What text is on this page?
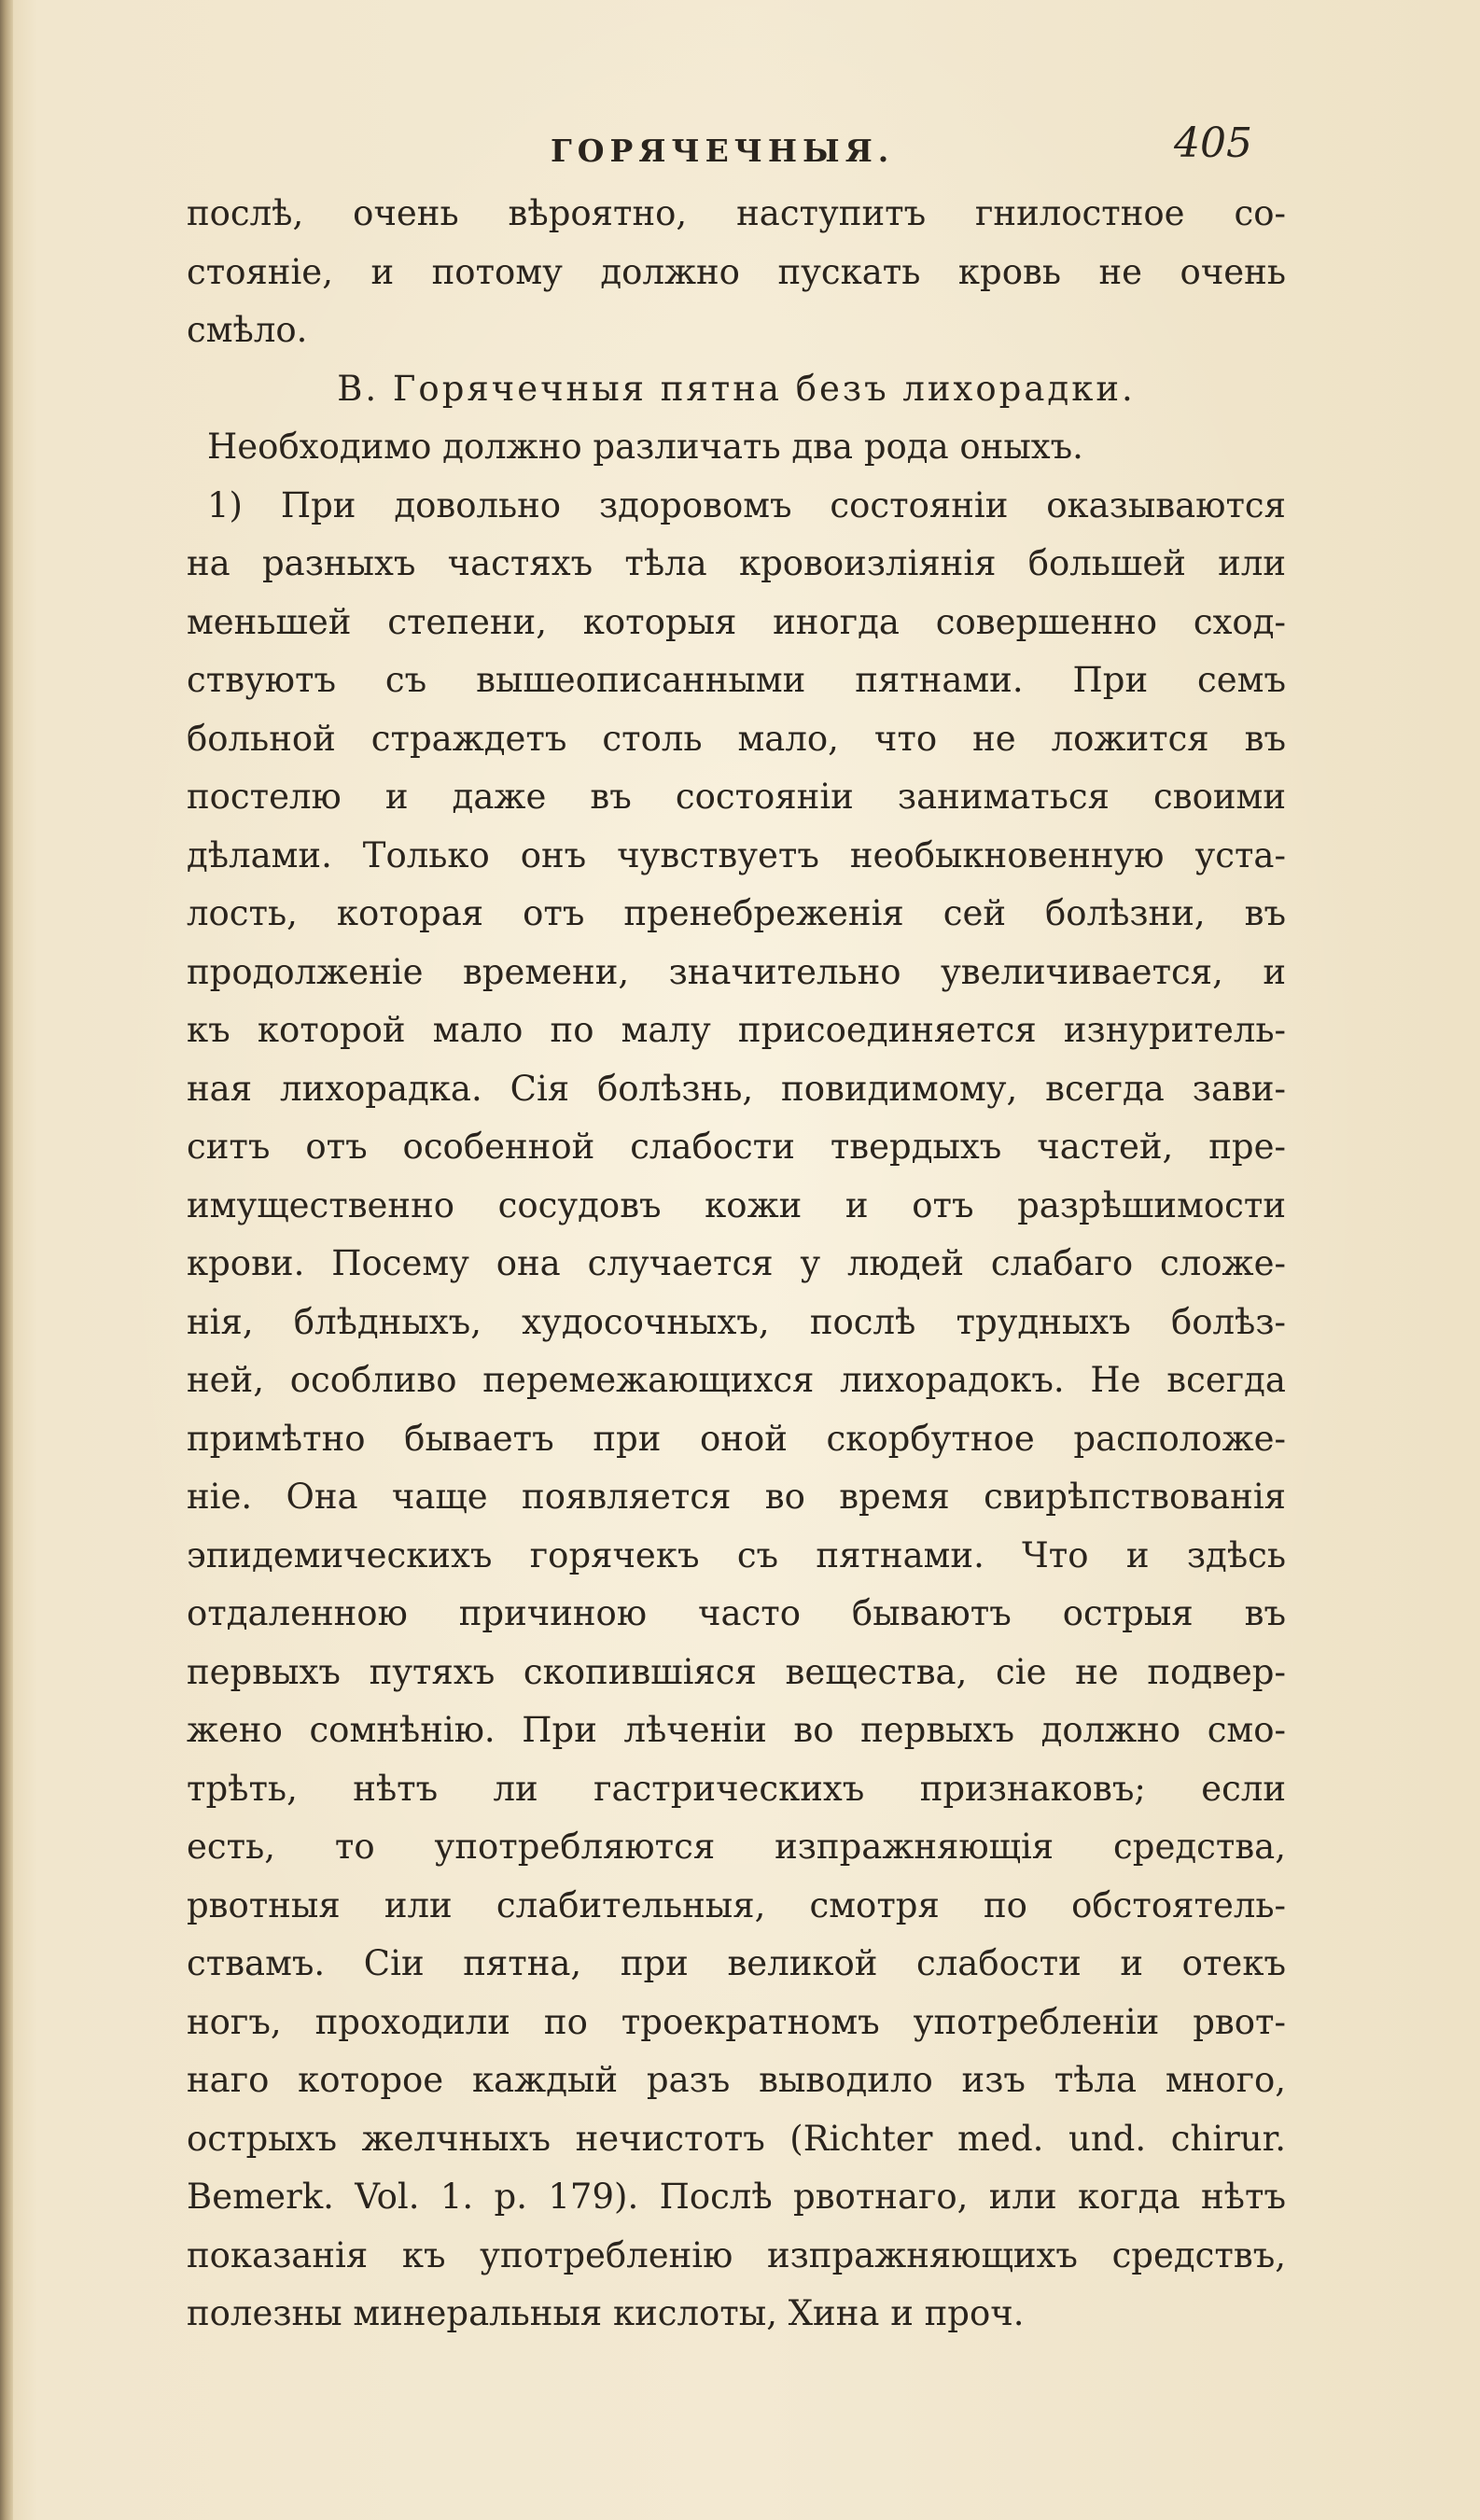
ГОРЯЧЕЧНЫЯ.	405
послѣ, очень вѣроятно, наступитъ гнилостное со-
стояніе, и потому должно пускать кровь не очень
смѣло.
B. Горячечныя пятна безъ лихорадки.
Необходимо должно различать два рода оныхъ.
1) При довольно здоровомъ состояніи оказываются
на разныхъ частяхъ тѣла кровоизліянія большей или
меньшей степени, которыя иногда совершенно сход-
ствуютъ съ вышеописанными пятнами. При семъ
больной страждетъ столь мало, что не ложится въ
постелю и даже въ состояніи заниматься своими
дѣлами. Только онъ чувствуетъ необыкновенную уста-
лость, которая отъ пренебреженія сей болѣзни, въ
продолженіе времени, значительно увеличивается, и
къ которой мало по малу присоединяется изнуритель-
ная лихорадка. Сія болѣзнь, повидимому, всегда зави-
ситъ отъ особенной слабости твердыхъ частей, пре-
имущественно сосудовъ кожи и отъ разрѣшимости
крови. Посему она случается у людей слабаго сложе-
нія, блѣдныхъ, худосочныхъ, послѣ трудныхъ болѣз-
ней, особливо перемежающихся лихорадокъ. Не всегда
примѣтно бываетъ при оной скорбутное расположе-
ніе. Она чаще появляется во время свирѣпствованія
эпидемическихъ горячекъ съ пятнами. Что и здѣсь
отдаленною причиною часто бываютъ острыя въ
первыхъ путяхъ скопившіяся вещества, сіе не подвер-
жено сомнѣнію. При лѣченіи во первыхъ должно смо-
трѣть, нѣтъ ли гастрическихъ признаковъ; если
есть, то употребляются изпражняющія средства,
рвотныя или слабительныя, смотря по обстоятель-
ствамъ. Сіи пятна, при великой слабости и отекъ
ногъ, проходили по троекратномъ употребленіи рвот-
наго которое каждый разъ выводило изъ тѣла много,
острыхъ желчныхъ нечистотъ (Richter med. und. chirur.
Bemerk. Vol. 1. p. 179). Послѣ рвотнаго, или когда нѣтъ
показанія къ употребленію изпражняющихъ средствъ,
полезны минеральныя кислоты, Хина и проч.
